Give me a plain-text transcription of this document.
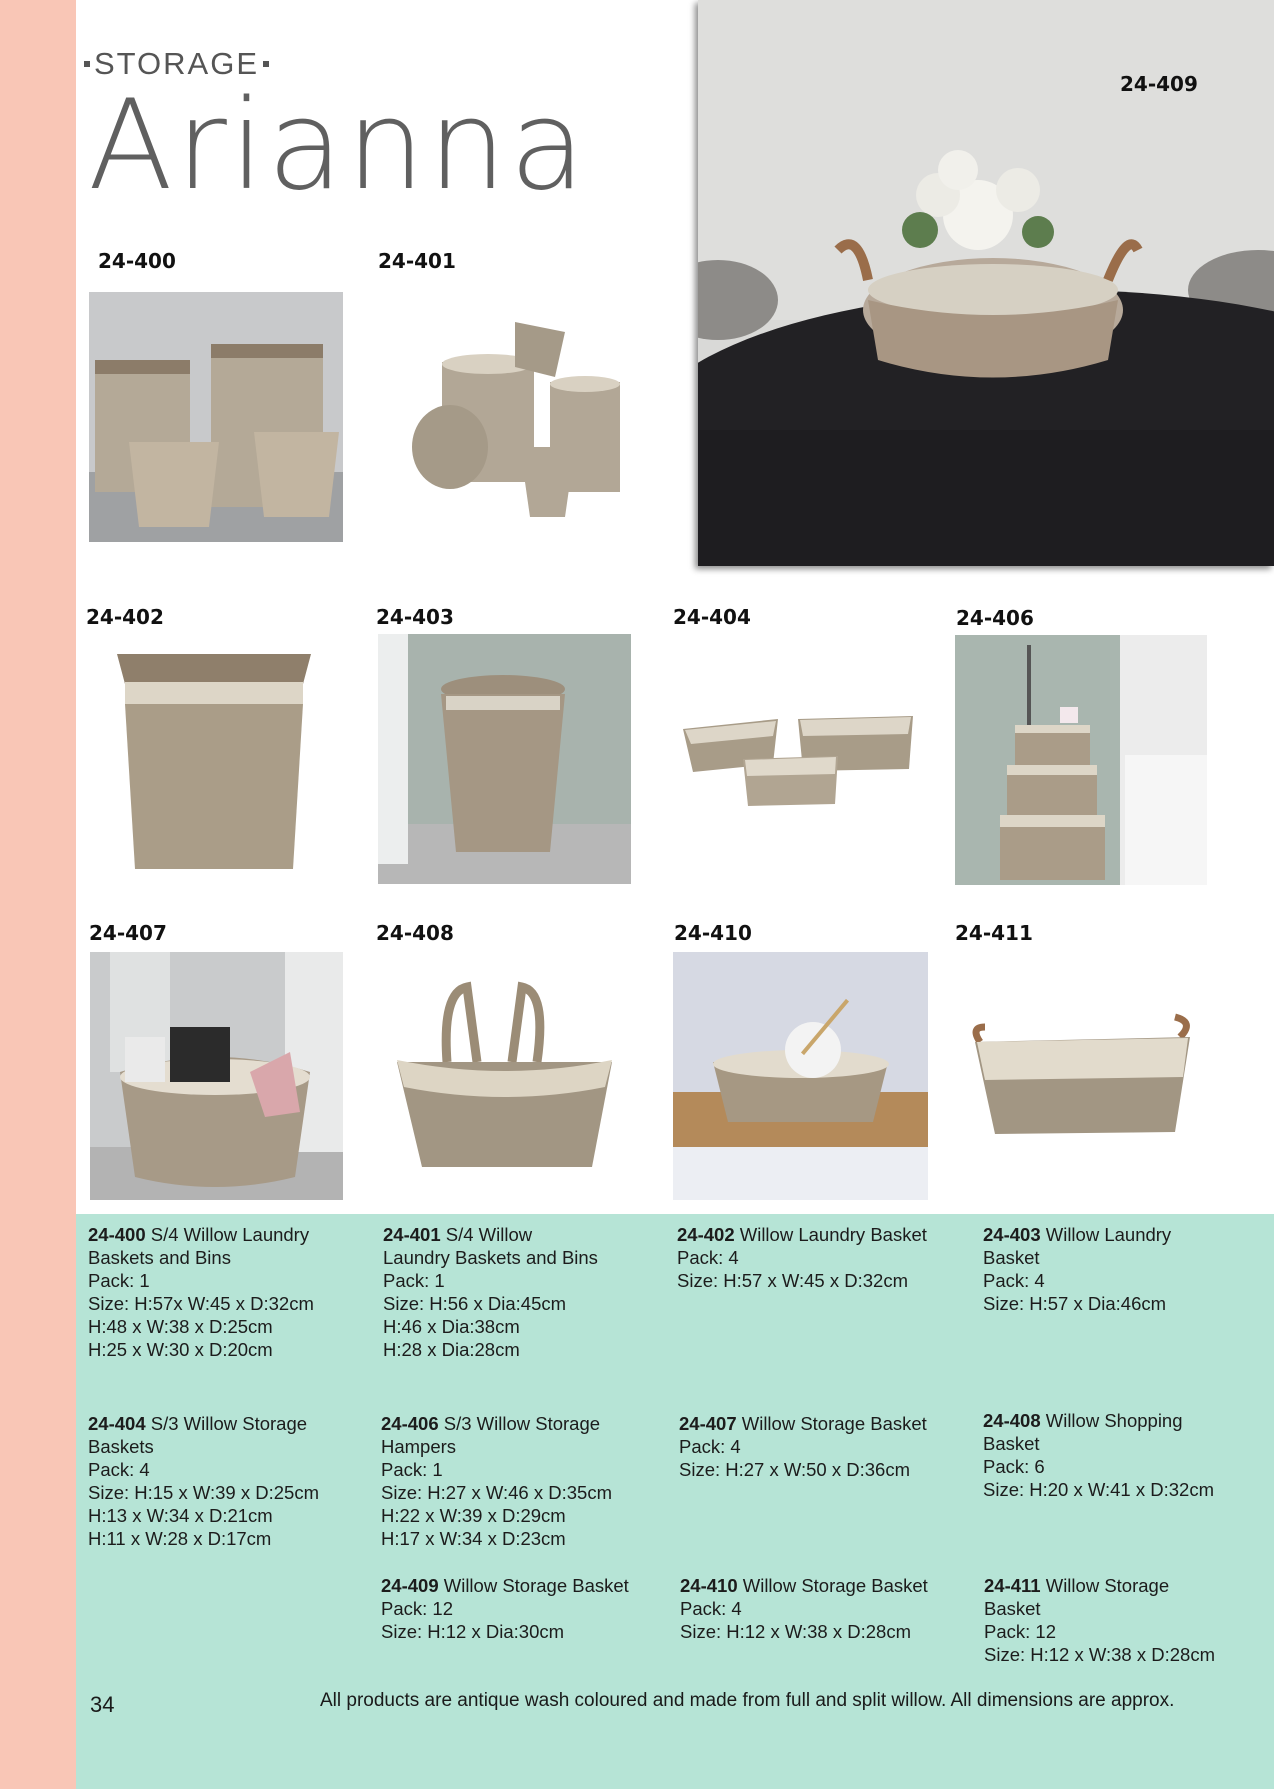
STORAGE
Arianna	24-409
24-400	24-401
24-402	24-403	24-404	24-406
24-407	24-408	24-410	24-411
24-400 S/4 Willow Laundry
Baskets and Bins
Pack: 1
Size: H:57x W:45 x D:32cm
H:48 x W:38 x D:25cm
H:25 x W:30 x D:20cm
24-401 S/4 Willow
Laundry Baskets and Bins
Pack: 1
Size: H:56 x Dia:45cm
H:46 x Dia:38cm
H:28 x Dia:28cm
24-402 Willow Laundry Basket
Pack: 4
Size: H:57 x W:45 x D:32cm
24-403 Willow Laundry
Basket
Pack: 4
Size: H:57 x Dia:46cm
24-404 S/3 Willow Storage
Baskets
Pack: 4
Size: H:15 x W:39 x D:25cm
H:13 x W:34 x D:21cm
H:11 x W:28 x D:17cm
24-406 S/3 Willow Storage
Hampers
Pack: 1
Size: H:27 x W:46 x D:35cm
H:22 x W:39 x D:29cm
H:17 x W:34 x D:23cm
24-407 Willow Storage Basket
Pack: 4
Size: H:27 x W:50 x D:36cm
24-408 Willow Shopping
Basket
Pack: 6
Size: H:20 x W:41 x D:32cm
24-409 Willow Storage Basket
Pack: 12
Size: H:12 x Dia:30cm
24-410 Willow Storage Basket
Pack: 4
Size: H:12 x W:38 x D:28cm
24-411 Willow Storage
Basket
Pack: 12
Size: H:12 x W:38 x D:28cm
34	All products are antique wash coloured and made from full and split willow. All dimensions are approx.
